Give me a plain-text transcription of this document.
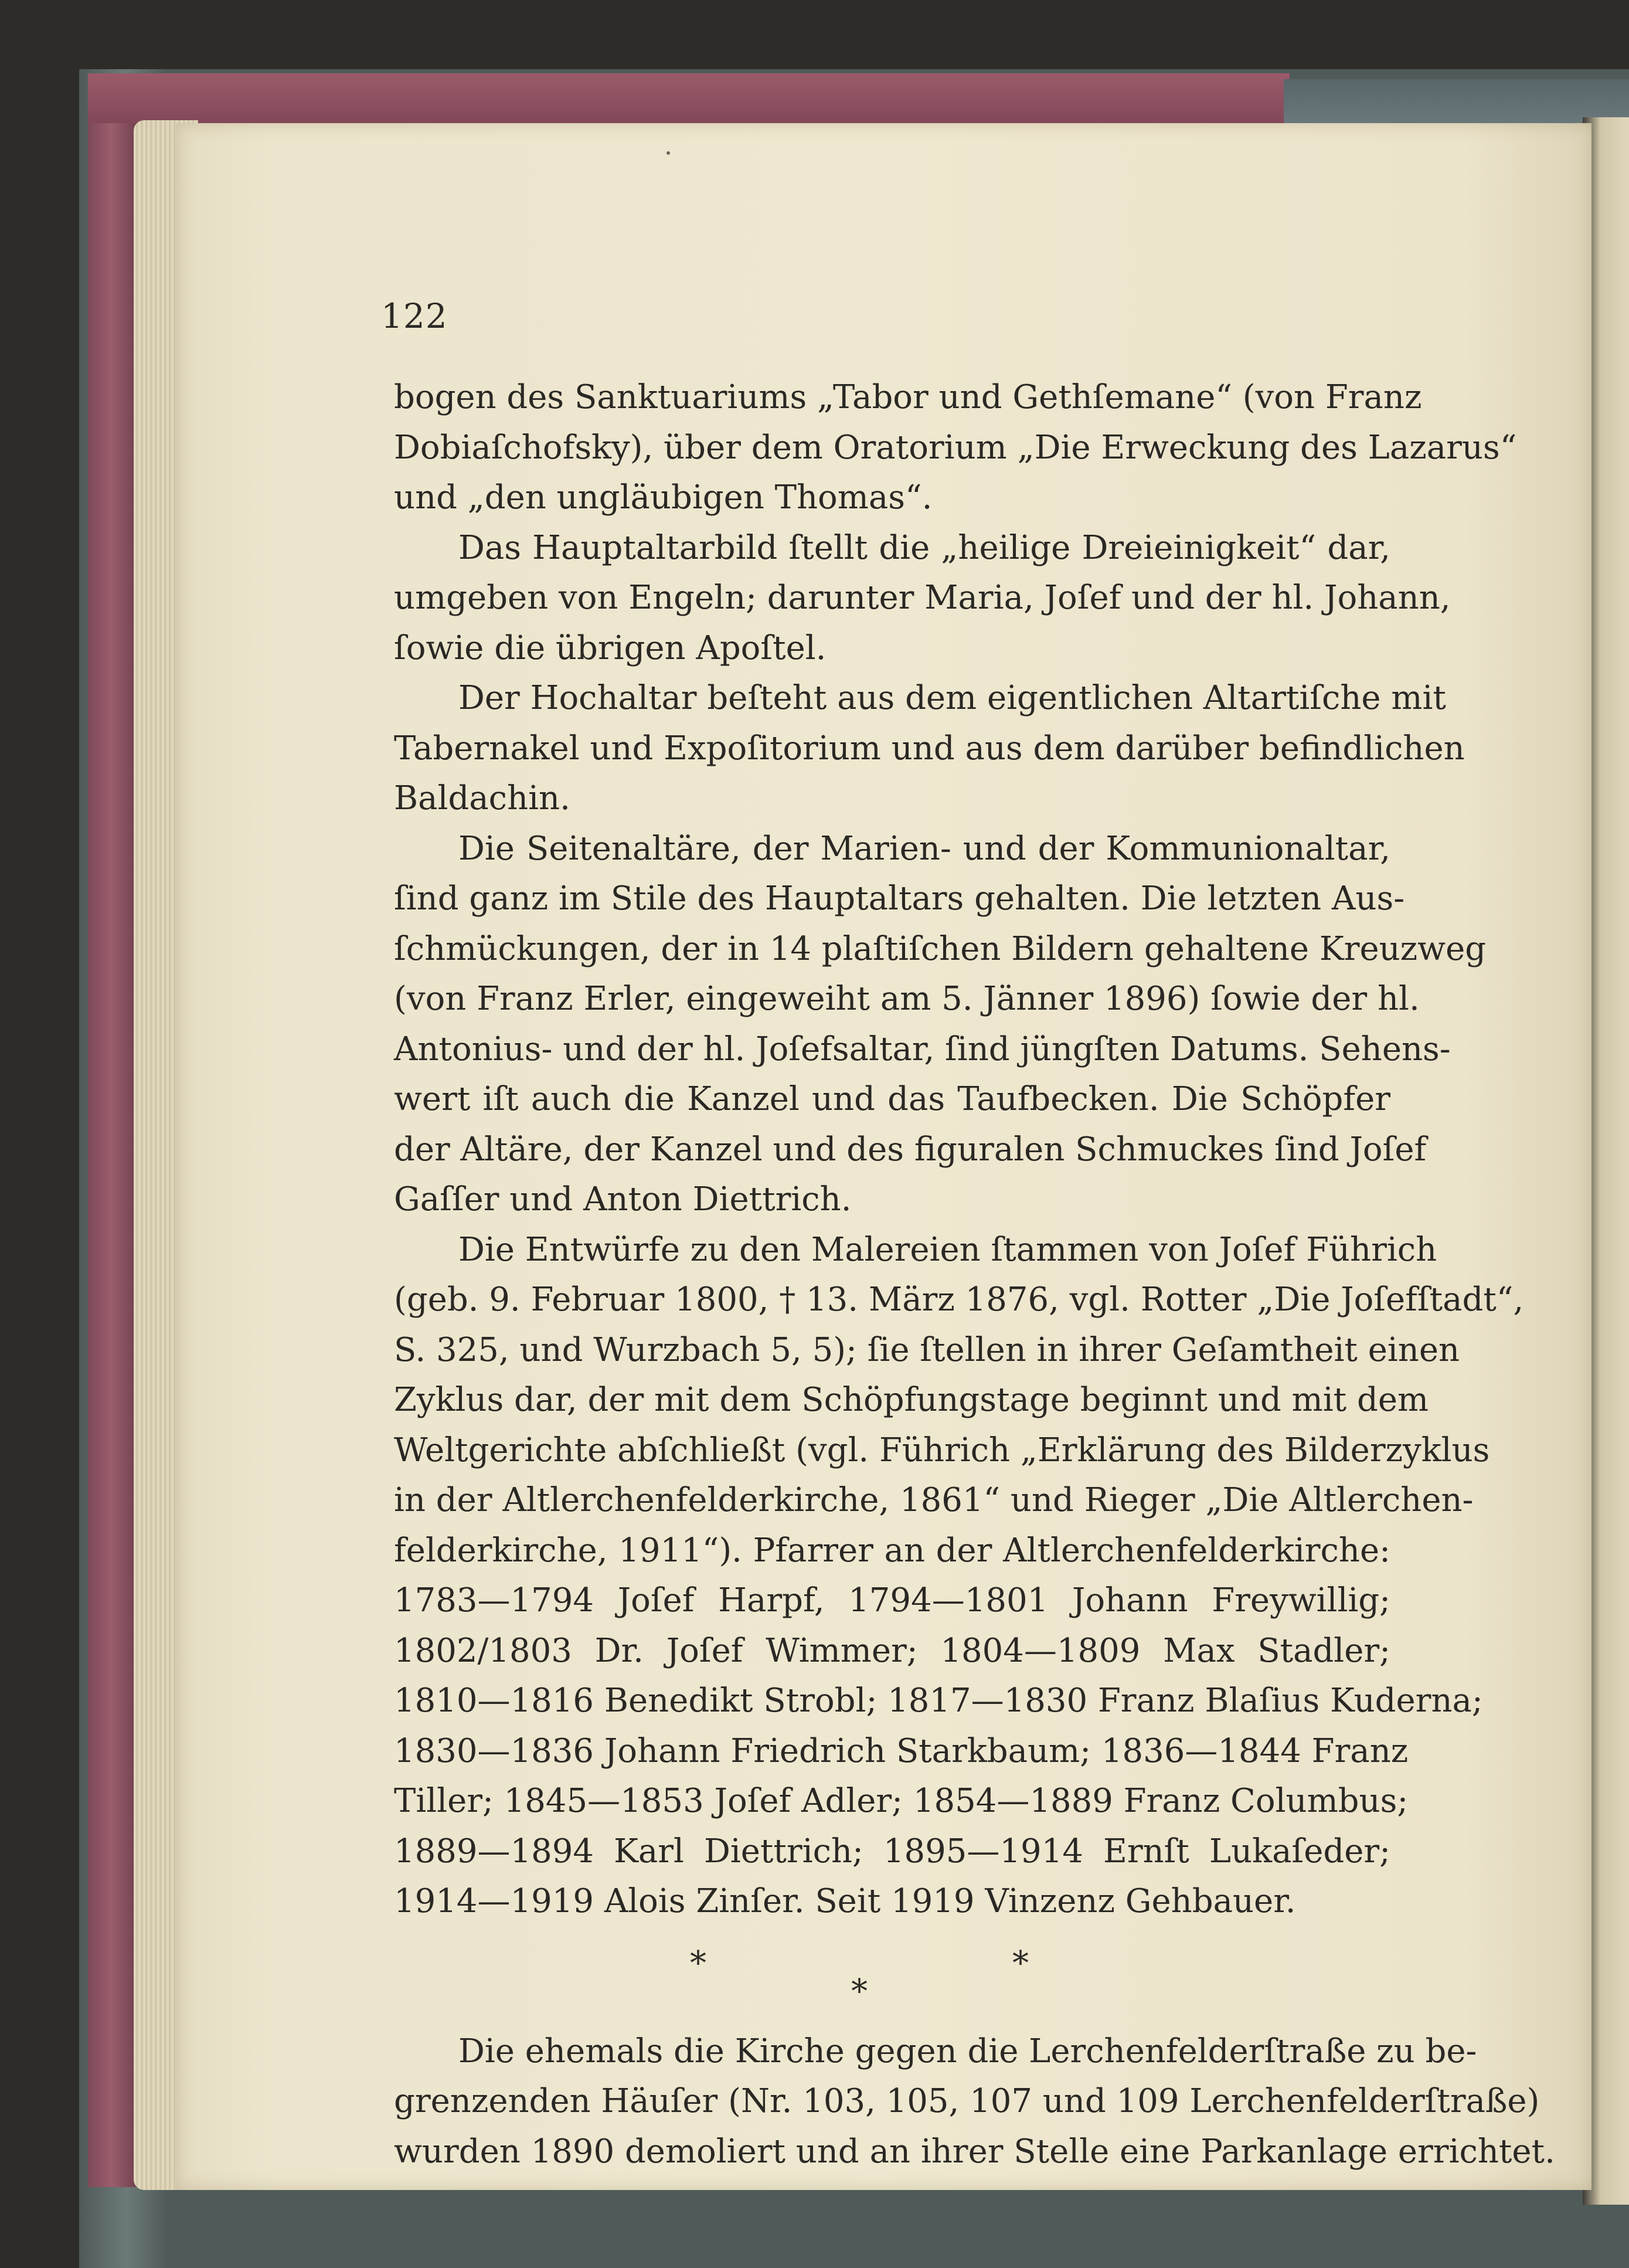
122
bogen des Sanktuariums „Tabor und Gethſemane“ (von Franz
Dobiaſchofsky), über dem Oratorium „Die Erweckung des Lazarus“
und „den ungläubigen Thomas“.
Das Hauptaltarbild ſtellt die „heilige Dreieinigkeit“ dar,
umgeben von Engeln; darunter Maria, Joſef und der hl. Johann,
ſowie die übrigen Apoſtel.
Der Hochaltar beſteht aus dem eigentlichen Altartiſche mit
Tabernakel und Expoſitorium und aus dem darüber befindlichen
Baldachin.
Die Seitenaltäre, der Marien- und der Kommunionaltar,
ſind ganz im Stile des Hauptaltars gehalten. Die letzten Aus-
ſchmückungen, der in 14 plaſtiſchen Bildern gehaltene Kreuzweg
(von Franz Erler, eingeweiht am 5. Jänner 1896) ſowie der hl.
Antonius- und der hl. Joſefsaltar, ſind jüngſten Datums. Sehens-
wert iſt auch die Kanzel und das Taufbecken. Die Schöpfer
der Altäre, der Kanzel und des figuralen Schmuckes ſind Joſef
Gaſſer und Anton Diettrich.
Die Entwürfe zu den Malereien ſtammen von Joſef Führich
(geb. 9. Februar 1800, † 13. März 1876, vgl. Rotter „Die Joſefſtadt“,
S. 325, und Wurzbach 5, 5); ſie ſtellen in ihrer Geſamtheit einen
Zyklus dar, der mit dem Schöpfungstage beginnt und mit dem
Weltgerichte abſchließt (vgl. Führich „Erklärung des Bilderzyklus
in der Altlerchenfelderkirche, 1861“ und Rieger „Die Altlerchen-
felderkirche, 1911“). Pfarrer an der Altlerchenfelderkirche:
1783—1794 Joſef Harpf, 1794—1801 Johann Freywillig;
1802/1803 Dr. Joſef Wimmer; 1804—1809 Max Stadler;
1810—1816 Benedikt Strobl; 1817—1830 Franz Blaſius Kuderna;
1830—1836 Johann Friedrich Starkbaum; 1836—1844 Franz
Tiller; 1845—1853 Joſef Adler; 1854—1889 Franz Columbus;
1889—1894 Karl Diettrich; 1895—1914 Ernſt Lukaſeder;
1914—1919 Alois Zinſer. Seit 1919 Vinzenz Gehbauer.
*	*
*
Die ehemals die Kirche gegen die Lerchenfelderſtraße zu be-
grenzenden Häuſer (Nr. 103, 105, 107 und 109 Lerchenfelderſtraße)
wurden 1890 demoliert und an ihrer Stelle eine Parkanlage errichtet.
